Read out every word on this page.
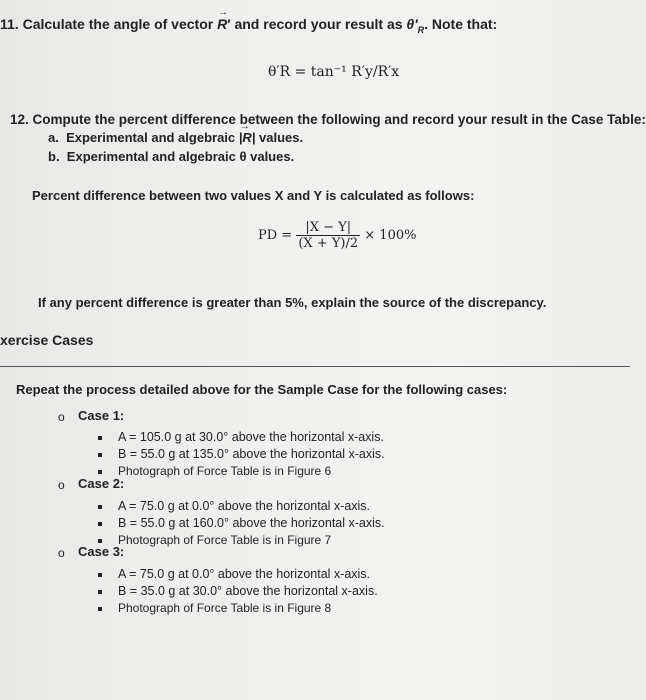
11. Calculate the angle of vector → R′ and record your result as $\theta'_R$. Note that:
θ′R = tan⁻¹ R′y/R′x
12. Compute the percent difference between the following and record your result in the Case Table:
a. Experimental and algebraic → |R| values.
b. Experimental and algebraic θ values.
Percent difference between two values X and Y is calculated as follows:
PD = $\frac{|X - Y|}{(X + Y)/2} \times 100\%$
If any percent difference is greater than 5%, explain the source of the discrepancy.
xercise Cases
Repeat the process detailed above for the Sample Case for the following cases:
o Case 1:
A = 105.0 g at 30.0° above the horizontal x-axis.
B = 55.0 g at 135.0° above the horizontal x-axis.
Photograph of Force Table is in Figure 6
o Case 2:
A = 75.0 g at 0.0° above the horizontal x-axis.
B = 55.0 g at 160.0° above the horizontal x-axis.
Photograph of Force Table is in Figure 7
o Case 3:
A = 75.0 g at 0.0° above the horizontal x-axis.
B = 35.0 g at 30.0° above the horizontal x-axis.
Photograph of Force Table is in Figure 8
